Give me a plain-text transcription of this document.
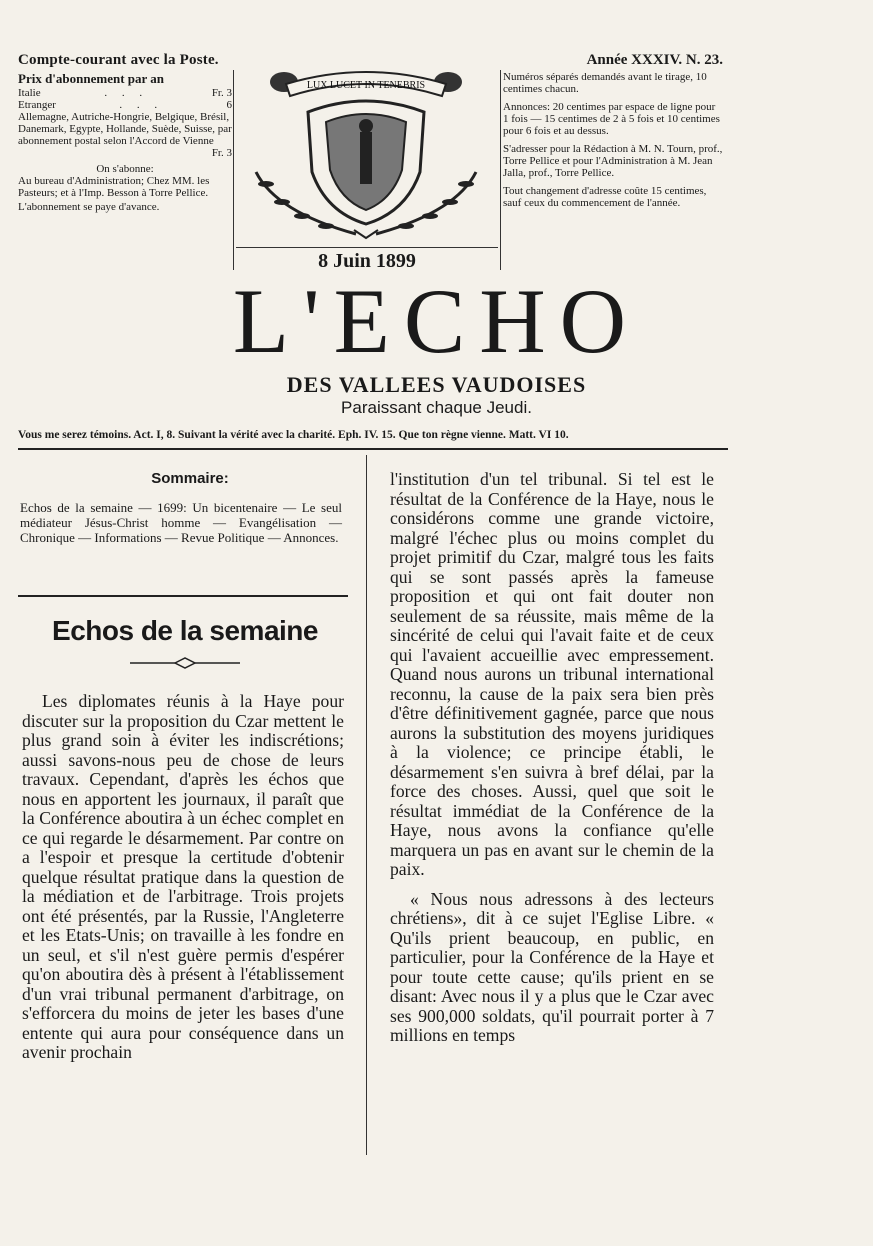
Compte-courant avec la Poste.
Prix d'abonnement par an
Italie	. . .	Fr. 3
Etranger	. . .	6

Allemagne, Autriche-Hongrie, Belgique, Brésil, Danemark, Egypte, Hollande, Suède, Suisse, par abonnement postal selon l'Accord de Vienne

Fr. 3

On s'abonne:

Au bureau d'Administration; Chez MM. les Pasteurs; et à l'Imp. Besson à Torre Pellice.

L'abonnement se paye d'avance.

LUX LUCET IN TENEBRIS
8 Juin 1899
Année XXXIV. N. 23.

Numéros séparés demandés avant le tirage, 10 centimes chacun.

Annonces: 20 centimes par espace de ligne pour 1 fois — 15 centimes de 2 à 5 fois et 10 centimes pour 6 fois et au dessus.

S'adresser pour la Rédaction à M. N. Tourn, prof., Torre Pellice et pour l'Administration à M. Jean Jalla, prof., Torre Pellice.

Tout changement d'adresse coûte 15 centimes, sauf ceux du commencement de l'année.

L'ECHO
DES VALLEES VAUDOISES
Paraissant chaque Jeudi.
Vous me serez témoins. Act. I, 8. Suivant la vérité avec la charité. Eph. IV. 15. Que ton règne vienne. Matt. VI 10.
Sommaire:
Echos de la semaine — 1699: Un bicentenaire — Le seul médiateur Jésus-Christ homme — Evangélisation — Chronique — Informations — Revue Politique — Annonces.
Echos de la semaine

Les diplomates réunis à la Haye pour discuter sur la proposition du Czar mettent le plus grand soin à éviter les indiscrétions; aussi savons-nous peu de chose de leurs travaux. Cependant, d'après les échos que nous en apportent les journaux, il paraît que la Conférence aboutira à un échec complet en ce qui regarde le désarmement. Par contre on a l'espoir et presque la certitude d'obtenir quelque résultat pratique dans la question de la médiation et de l'arbitrage. Trois projets ont été présentés, par la Russie, l'Angleterre et les Etats-Unis; on travaille à les fondre en un seul, et s'il n'est guère permis d'espérer qu'on aboutira dès à présent à l'établissement d'un vrai tribunal permanent d'arbitrage, on s'efforcera du moins de jeter les bases d'une entente qui aura pour conséquence dans un avenir prochain

l'institution d'un tel tribunal. Si tel est le résultat de la Conférence de la Haye, nous le considérons comme une grande victoire, malgré l'échec plus ou moins complet du projet primitif du Czar, malgré tous les faits qui se sont passés après la fameuse proposition et qui ont fait douter non seulement de sa réussite, mais même de la sincérité de celui qui l'avait faite et de ceux qui l'avaient accueillie avec empressement. Quand nous aurons un tribunal international reconnu, la cause de la paix sera bien près d'être définitivement gagnée, parce que nous aurons la substitution des moyens juridiques à la violence; ce principe établi, le désarmement s'en suivra à bref délai, par la force des choses. Aussi, quel que soit le résultat immédiat de la Conférence de la Haye, nous avons la confiance qu'elle marquera un pas en avant sur le chemin de la paix.

« Nous nous adressons à des lecteurs chrétiens», dit à ce sujet l'Eglise Libre. « Qu'ils prient beaucoup, en public, en particulier, pour la Conférence de la Haye et pour toute cette cause; qu'ils prient en se disant: Avec nous il y a plus que le Czar avec ses 900,000 soldats, qu'il pourrait porter à 7 millions en temps
